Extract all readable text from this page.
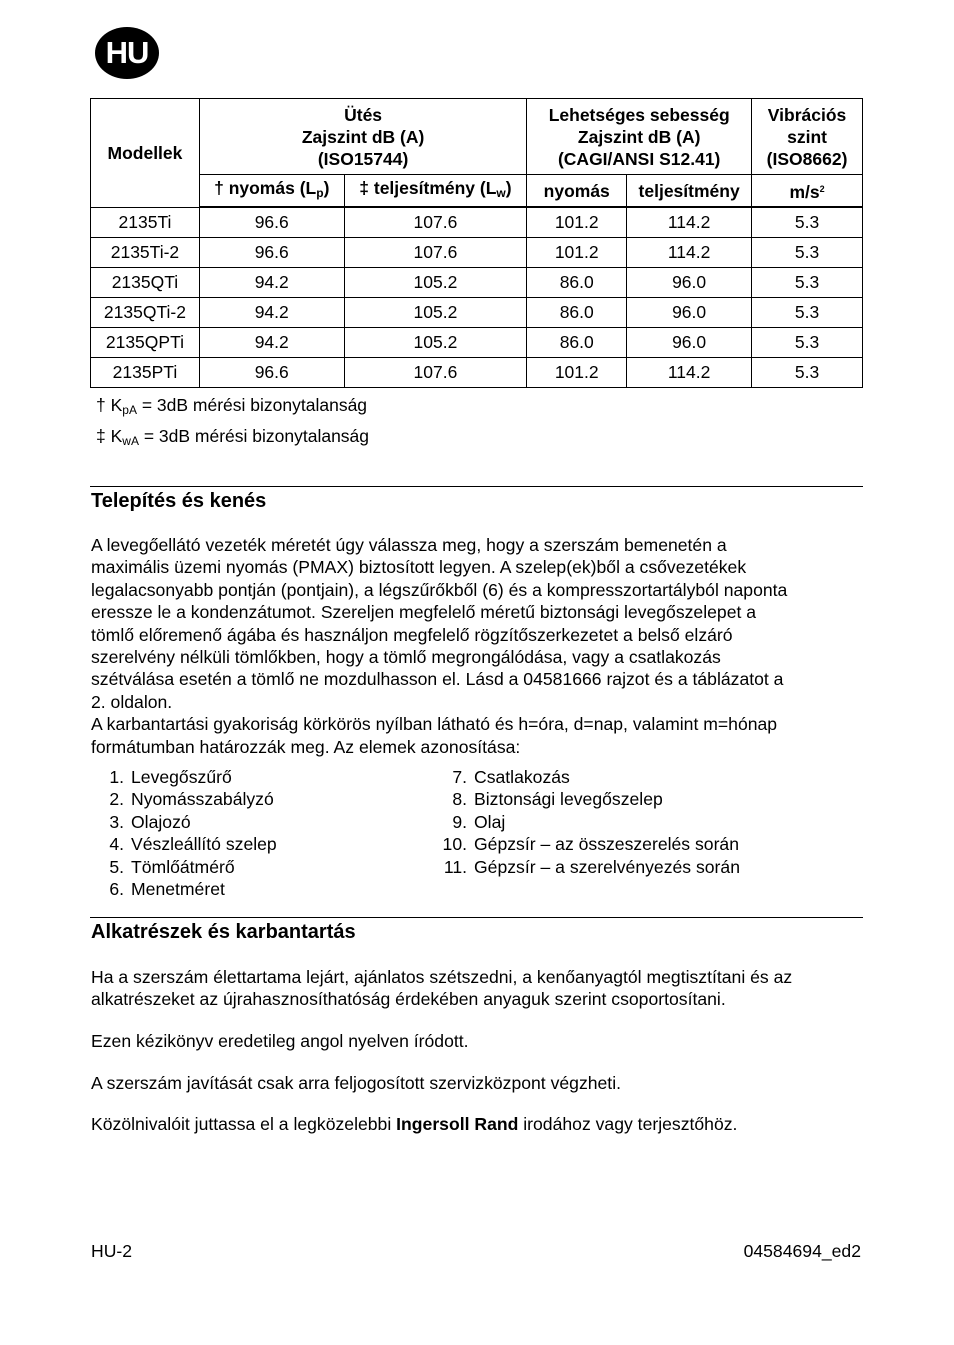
HU
Modellek	Ütés
Zajszint dB (A)
(ISO15744)		Lehetséges sebesség
Zajszint dB (A)
(CAGI/ANSI S12.41)		Vibrációs
szint
(ISO8662)
	† nyomás $(L_p)$	‡ teljesítmény $(L_w)$	nyomás	teljesítmény	$m/s^2$
2135Ti	96.6	107.6	101.2	114.2	5.3
2135Ti-2	96.6	107.6	101.2	114.2	5.3
2135QTi	94.2	105.2	86.0	96.0	5.3
2135QTi-2	94.2	105.2	86.0	96.0	5.3
2135QPTi	94.2	105.2	86.0	96.0	5.3
2135PTi	96.6	107.6	101.2	114.2	5.3
† $K_{pA} = 3dB$ mérési bizonytalanság
‡ $K_{wA} = 3dB$ mérési bizonytalanság
Telepítés és kenés

A levegőellátó vezeték méretét úgy válassza meg, hogy a szerszám bemenetén a
maximális üzemi nyomás (PMAX) biztosított legyen. A szelep(ek)ből a csővezetékek
legalacsonyabb pontján (pontjain), a légszűrőkből (6) és a kompresszortartályból naponta
eressze le a kondenzátumot. Szereljen megfelelő méretű biztonsági levegőszelepet a
tömlő előremenő ágába és használjon megfelelő rögzítőszerkezetet a belső elzáró
szerelvény nélküli tömlőkben, hogy a tömlő megrongálódása, vagy a csatlakozás
szétválása esetén a tömlő ne mozdulhasson el. Lásd a 04581666 rajzot és a táblázatot a
2. oldalon.
A karbantartási gyakoriság körkörös nyílban látható és h=óra, d=nap, valamint m=hónap
formátumban határozzák meg. Az elemek azonosítása:

1. Levegőszűrő
2. Nyomásszabályzó
3. Olajozó
4. Vészleállító szelep
5. Tömlőátmérő
6. Menetméret
7. Csatlakozás
8. Biztonsági levegőszelep
9. Olaj
10. Gépzsír – az összeszerelés során
11. Gépzsír – a szerelvényezés során
Alkatrészek és karbantartás

Ha a szerszám élettartama lejárt, ajánlatos szétszedni, a kenőanyagtól megtisztítani és az
alkatrészeket az újrahasznosíthatóság érdekében anyaguk szerint csoportosítani.

Ezen kézikönyv eredetileg angol nyelven íródott.

A szerszám javítását csak arra feljogosított szervizközpont végzheti.

Közölnivalóit juttassa el a legközelebbi Ingersoll Rand irodához vagy terjesztőhöz.

HU-2	04584694_ed2
